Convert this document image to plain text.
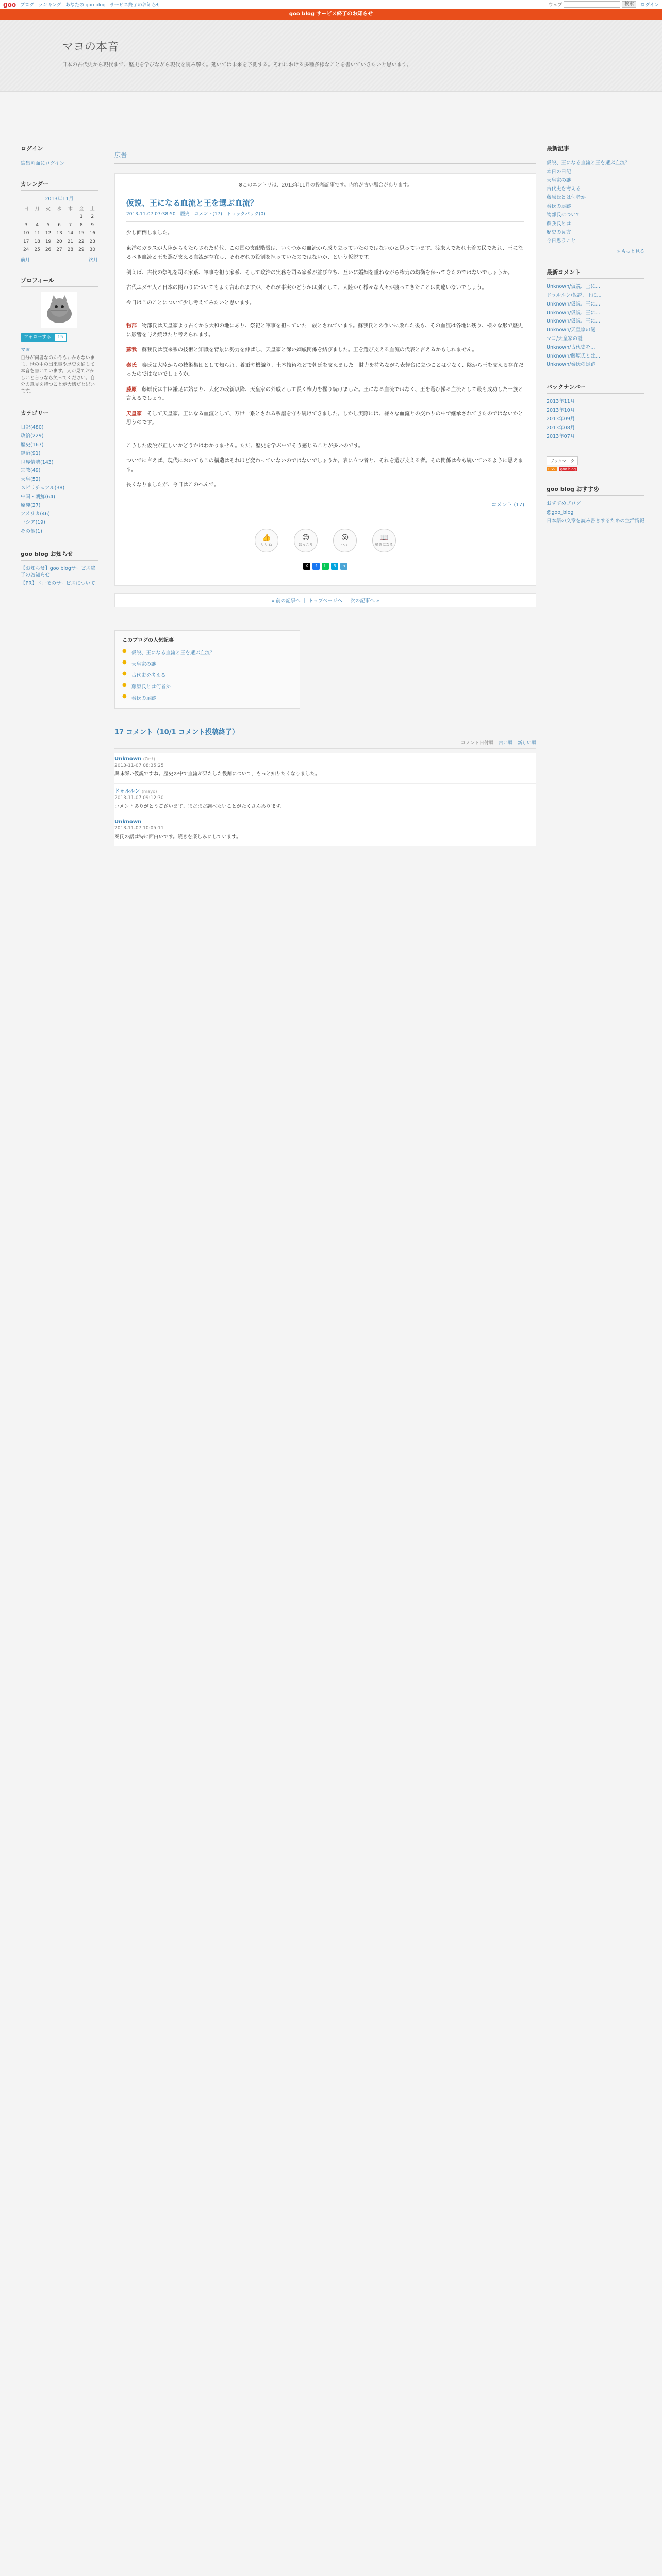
goo ブログ ランキング あなたの goo blog サービス終了のお知らせ	ウェブ	検索	ログイン
goo blog サービス終了のお知らせ
マヨの本音

日本の古代史から現代まで、歴史を学びながら現代を読み解く。延いては未来を予測する。それにおける多種多様なことを書いていきたいと思います。

ログイン
編集画面にログイン
カレンダー
2013年11月
日	月	火	水	木	金	土
					1	2
3	4	5	6	7	8	9
10	11	12	13	14	15	16
17	18	19	20	21	22	23
24	25	26	27	28	29	30
前月	次月
プロフィール
フォローする	15
マヨ
自分が何者なのか今もわからないまま、世の中の出来事や歴史を通して本音を書いています。人が見ておかしいと言うなら笑ってください。自分の意見を持つことが大切だと思います。
カテゴリー
日記(480)
政治(229)
歴史(167)
経済(91)
世界情勢(143)
宗教(49)
天皇(52)
スピリチュアル(38)
中国・朝鮮(64)
原発(27)
アメリカ(46)
ロシア(19)
その他(1)
goo blog お知らせ
【お知らせ】goo blogサービス終了のお知らせ
【PR】ドコモのサービスについて
広告
※このエントリは、2013年11月の投稿記事です。内容が古い場合があります。
仮説、王になる血流と王を選ぶ血流？
2013-11-07 07:38:50 歴史 コメント(17) トラックバック(0)

少し面倒しました。

東洋のガラスが大陸からもたらされた時代、この国の支配階級は、いくつかの血流から成り立っていたのではないかと思っています。渡来人であれ土着の民であれ、王になるべき血流と王を選び支える血流が存在し、それぞれの役割を担っていたのではないか、という仮説です。

例えば、古代の祭祀を司る家系、軍事を担う家系、そして政治の実務を司る家系が並び立ち、互いに婚姻を重ねながら権力の均衡を保ってきたのではないでしょうか。

古代ユダヤ人と日本の関わりについてもよく言われますが、それが事実かどうかは別として、大陸から様々な人々が渡ってきたことは間違いないでしょう。

今日はこのことについて少し考えてみたいと思います。

物部　 物部氏は天皇家より古くから大和の地にあり、祭祀と軍事を担っていた一族とされています。蘇我氏との争いに敗れた後も、その血流は各地に残り、様々な形で歴史に影響を与え続けたと考えられます。

蘇我　 蘇我氏は渡来系の技術と知識を背景に勢力を伸ばし、天皇家と深い姻戚関係を結びました。王を選び支える血流の代表と言えるかもしれません。

秦氏　 秦氏は大陸からの技術集団として知られ、養蚕や機織り、土木技術などで朝廷を支えました。財力を持ちながら表舞台に立つことは少なく、陰から王を支える存在だったのではないでしょうか。

藤原　 藤原氏は中臣鎌足に始まり、大化の改新以降、天皇家の外戚として長く権力を握り続けました。王になる血流ではなく、王を選び操る血流として最も成功した一族と言えるでしょう。

天皇家　 そして天皇家。王になる血流として、万世一系とされる系譜を守り続けてきました。しかし実際には、様々な血流との交わりの中で継承されてきたのではないかと思うのです。

こうした仮説が正しいかどうかはわかりません。ただ、歴史を学ぶ中でそう感じることが多いのです。

ついでに言えば、現代においてもこの構造はそれほど変わっていないのではないでしょうか。表に立つ者と、それを選び支える者。その関係は今も続いているように思えます。

長くなりましたが、今日はこのへんで。

コメント (17)
👍
いいね
😊
ほっこり
😮
へぇ
📖
勉強になる
X	f	L	B	n
« 前の記事へ ｜ トップページへ ｜ 次の記事へ »
このブログの人気記事
● 仮説、王になる血流と王を選ぶ血流？
● 天皇家の謎
● 古代史を考える
● 藤原氏とは何者か
● 秦氏の足跡
17 コメント（10/1 コメント投稿終了）
コメント日付順 古い順 新しい順
Unknown (ｱｶｰﾄ)
2013-11-07 08:35:25
興味深い仮説ですね。歴史の中で血流が果たした役割について、もっと知りたくなりました。
ドゥルルン (mayo)
2013-11-07 09:12:30
コメントありがとうございます。まだまだ調べたいことがたくさんあります。
Unknown
2013-11-07 10:05:11
秦氏の話は特に面白いです。続きを楽しみにしています。
最新記事
仮説、王になる血流と王を選ぶ血流？
本日の日記
天皇家の謎
古代史を考える
藤原氏とは何者か
秦氏の足跡
物部氏について
蘇我氏とは
歴史の見方
今日思うこと
» もっと見る
最新コメント
Unknown/仮説、王に...
ドゥルルン/仮説、王に...
Unknown/仮説、王に...
Unknown/仮説、王に...
Unknown/仮説、王に...
Unknown/天皇家の謎
マヨ/天皇家の謎
Unknown/古代史を...
Unknown/藤原氏とは...
Unknown/秦氏の足跡
バックナンバー
2013年11月
2013年10月
2013年09月
2013年08月
2013年07月
ブックマーク
RSS	goo blog
goo blog おすすめ
おすすめブログ
@goo_blog
日本語の文章を読み書きするための生活情報
